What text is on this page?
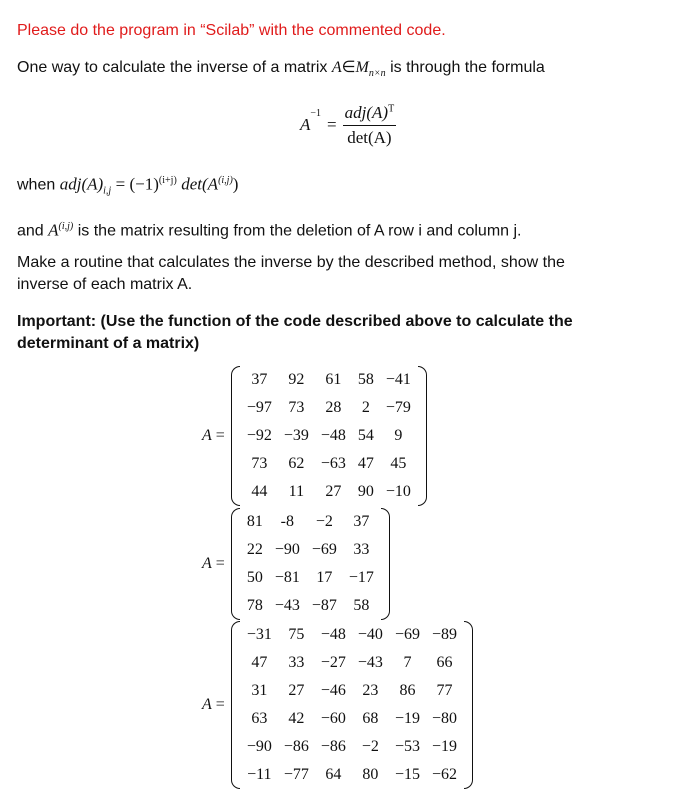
Please do the program in “Scilab” with the commented code.
One way to calculate the inverse of a matrix $A\in M_{n\times n}$ is through the formula
A
$^{-1}$
= $\frac{adj(A)^T}{\det(A)}$
when $adj(A)_{i,j} = (-1)^{(i+j)}$ $\det(A^{(i,j)})$
and A$^{(i,j)}$ is the matrix resulting from the deletion of A row i and column j.
Make a routine that calculates the inverse by the described method, show the
inverse of each matrix A.
Important: (Use the function of the code described above to calculate the
determinant of a matrix)
A =
37	92	61	58	−41
−97	73	28	2	−79
−92	−39	−48	54	9
73	62	−63	47	45
44	11	27	90	−10
A =
81	-8	−2	37
22	−90	−69	33
50	−81	17	−17
78	−43	−87	58
A =
−31	75	−48	−40	−69	−89
47	33	−27	−43	7	66
31	27	−46	23	86	77
63	42	−60	68	−19	−80
−90	−86	−86	−2	−53	−19
−11	−77	64	80	−15	−62
